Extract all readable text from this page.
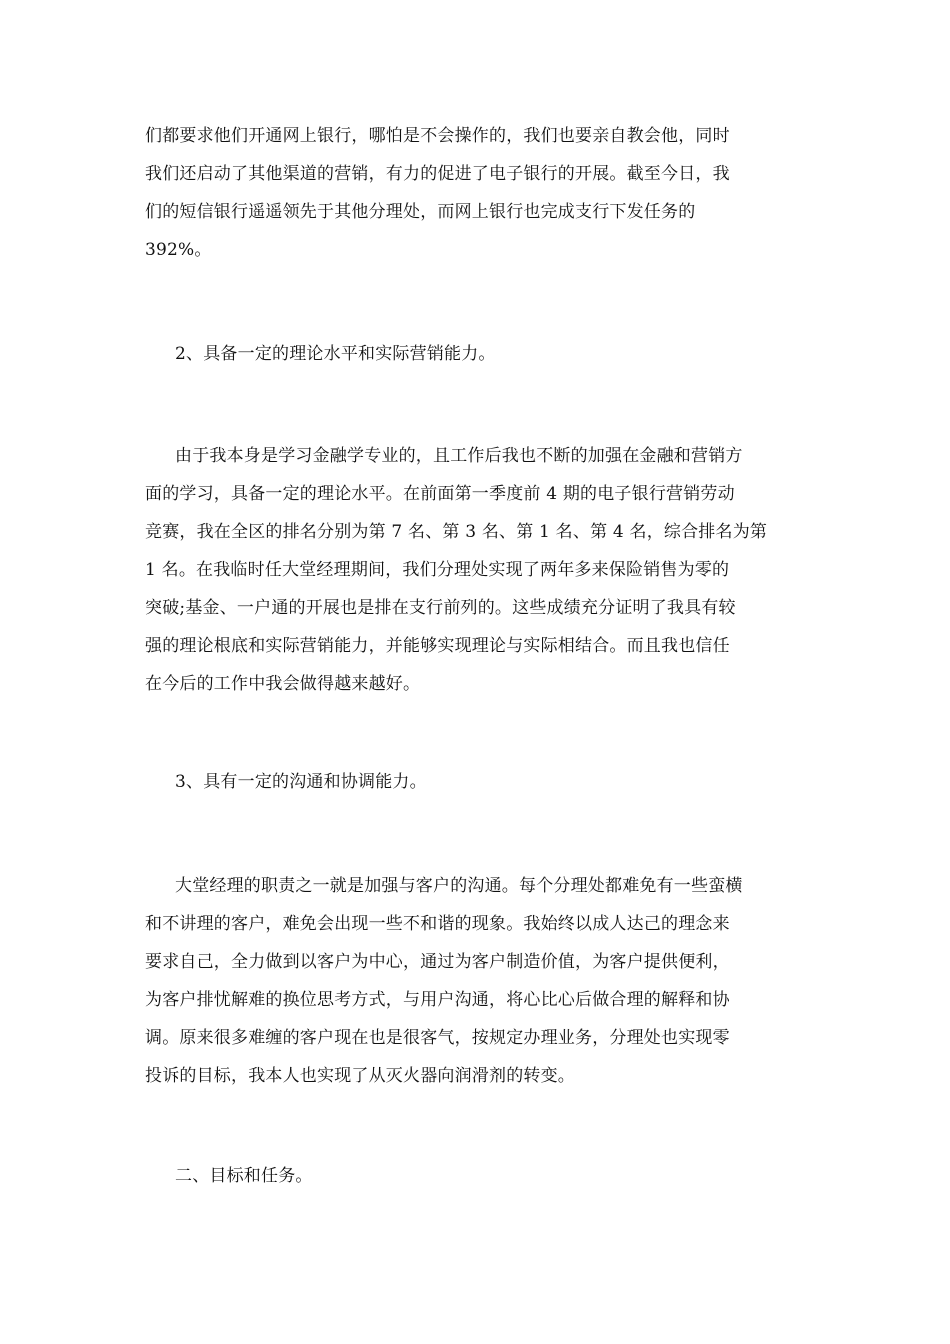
们都要求他们开通网上银行，哪怕是不会操作的，我们也要亲自教会他，同时
我们还启动了其他渠道的营销，有力的促进了电子银行的开展。截至今日，我
们的短信银行遥遥领先于其他分理处，而网上银行也完成支行下发任务的
392%。
2、具备一定的理论水平和实际营销能力。
由于我本身是学习金融学专业的，且工作后我也不断的加强在金融和营销方
面的学习，具备一定的理论水平。在前面第一季度前 4 期的电子银行营销劳动
竞赛，我在全区的排名分别为第 7 名、第 3 名、第 1 名、第 4 名，综合排名为第
1 名。在我临时任大堂经理期间，我们分理处实现了两年多来保险销售为零的
突破;基金、一户通的开展也是排在支行前列的。这些成绩充分证明了我具有较
强的理论根底和实际营销能力，并能够实现理论与实际相结合。而且我也信任
在今后的工作中我会做得越来越好。
3、具有一定的沟通和协调能力。
大堂经理的职责之一就是加强与客户的沟通。每个分理处都难免有一些蛮横
和不讲理的客户，难免会出现一些不和谐的现象。我始终以成人达己的理念来
要求自己，全力做到以客户为中心，通过为客户制造价值，为客户提供便利，
为客户排忧解难的换位思考方式，与用户沟通，将心比心后做合理的解释和协
调。原来很多难缠的客户现在也是很客气，按规定办理业务，分理处也实现零
投诉的目标，我本人也实现了从灭火器向润滑剂的转变。
二、目标和任务。
